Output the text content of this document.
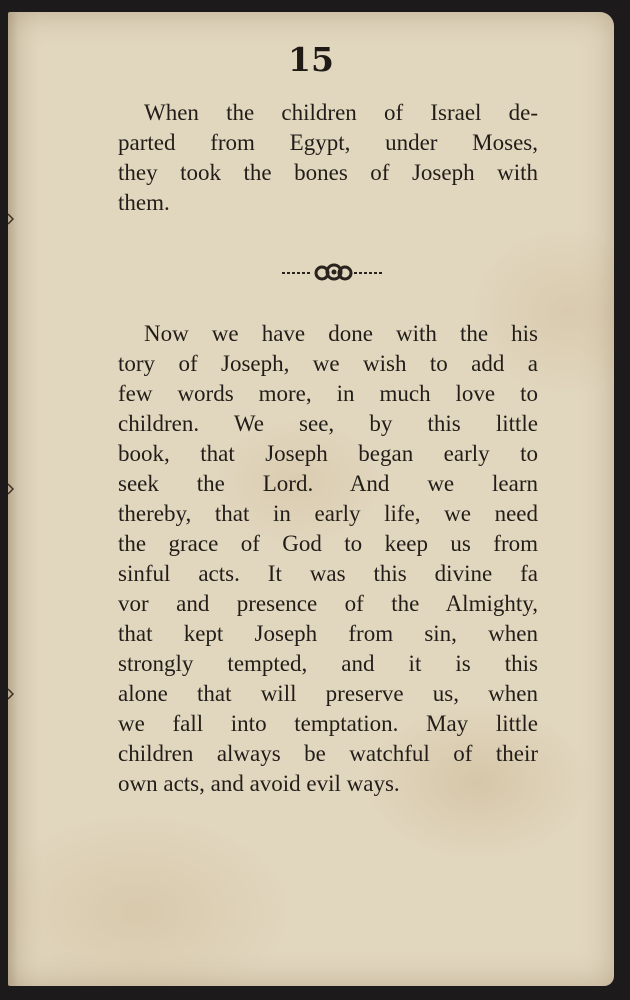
15
When the children of Israel de-
parted from Egypt, under Moses,
they took the bones of Joseph with
them.
Now we have done with the his
tory of Joseph, we wish to add a
few words more, in much love to
children. We see, by this little
book, that Joseph began early to
seek the Lord. And we learn
thereby, that in early life, we need
the grace of God to keep us from
sinful acts. It was this divine fa
vor and presence of the Almighty,
that kept Joseph from sin, when
strongly tempted, and it is this
alone that will preserve us, when
we fall into temptation. May little
children always be watchful of their
own acts, and avoid evil ways.
